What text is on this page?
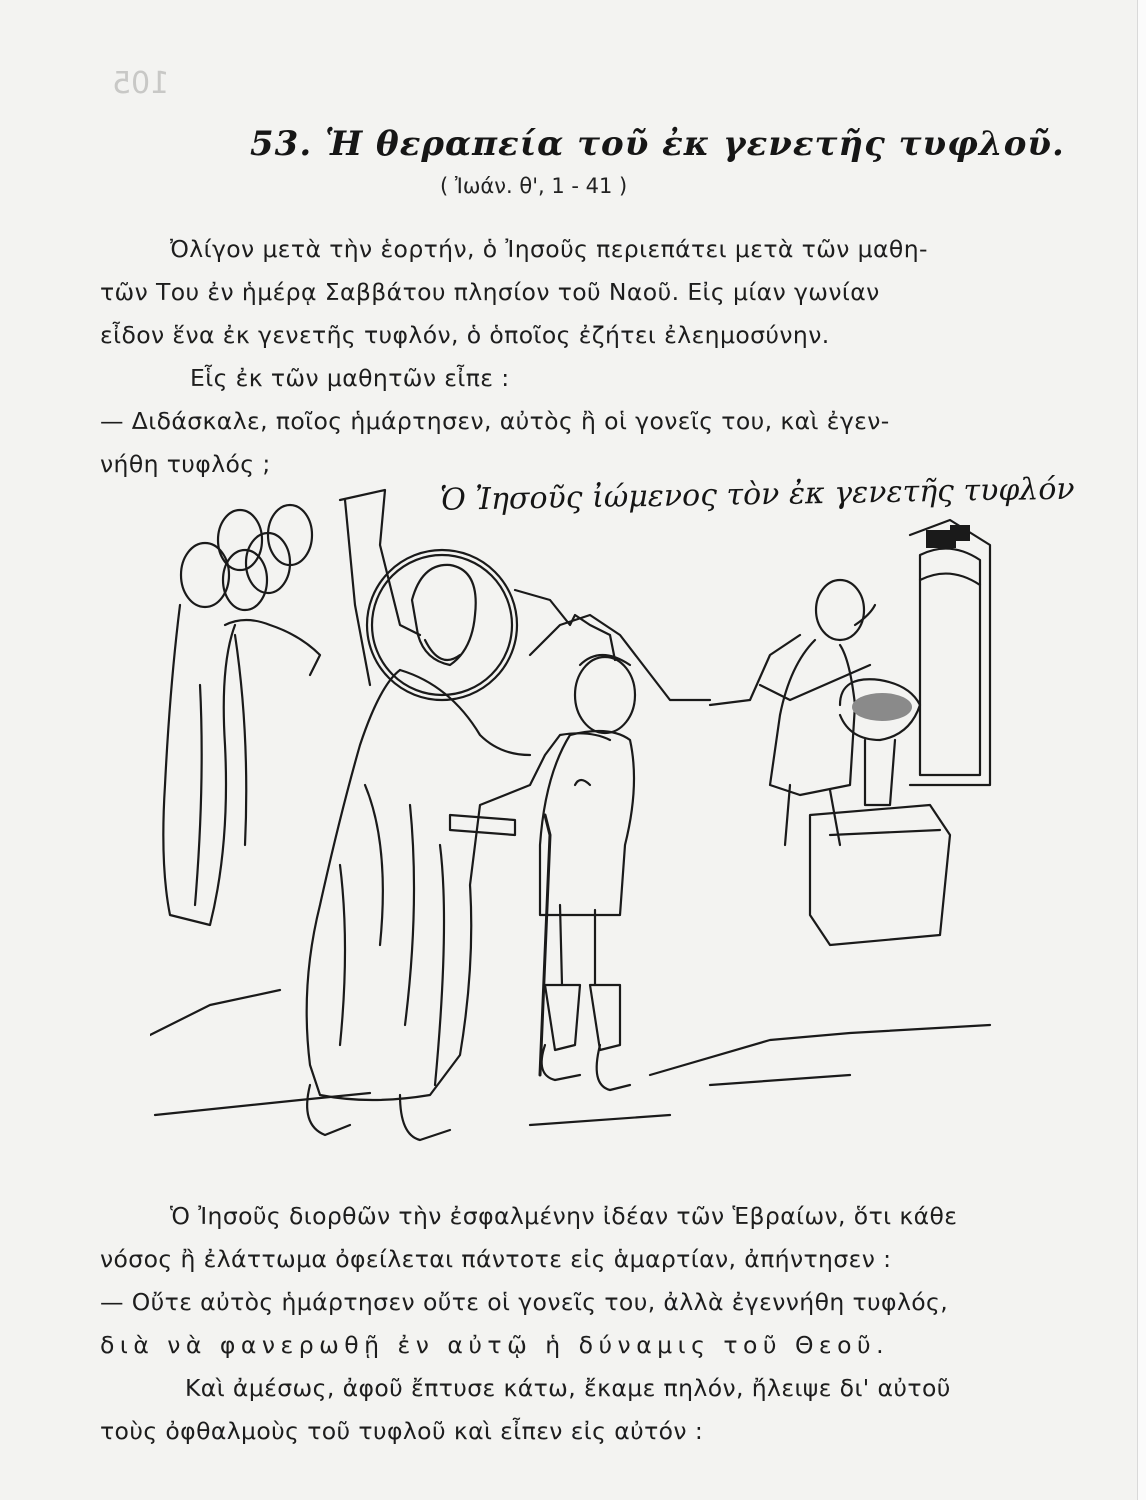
105
53. Ἡ θεραπεία τοῦ ἐκ γενετῆς τυφλοῦ.
( Ἰωάν. θ', 1 - 41 )
Ὀλίγον μετὰ τὴν ἑορτήν, ὁ Ἰησοῦς περιεπάτει μετὰ τῶν μαθη-
τῶν Του ἐν ἡμέρᾳ Σαββάτου πλησίον τοῦ Ναοῦ. Εἰς μίαν γωνίαν
εἶδον ἕνα ἐκ γενετῆς τυφλόν, ὁ ὁποῖος ἐζήτει ἐλεημοσύνην.
Εἷς ἐκ τῶν μαθητῶν εἶπε :
— Διδάσκαλε, ποῖος ἡμάρτησεν, αὐτὸς ἢ οἱ γονεῖς του, καὶ ἐγεν-
νήθη τυφλός ;
Ὁ Ἰησοῦς ἰώμενος τὸν ἐκ γενετῆς τυφλόν
Ὁ Ἰησοῦς διορθῶν τὴν ἐσφαλμένην ἰδέαν τῶν Ἑβραίων, ὅτι κάθε
νόσος ἢ ἐλάττωμα ὀφείλεται πάντοτε εἰς ἁμαρτίαν, ἀπήντησεν :
— Οὔτε αὐτὸς ἡμάρτησεν οὔτε οἱ γονεῖς του, ἀλλὰ ἐγεννήθη τυφλός,
διὰ νὰ φανερωθῇ ἐν αὐτῷ ἡ δύναμις τοῦ Θεοῦ.
Καὶ ἀμέσως, ἀφοῦ ἔπτυσε κάτω, ἔκαμε πηλόν, ἤλειψε δι' αὐτοῦ
τοὺς ὀφθαλμοὺς τοῦ τυφλοῦ καὶ εἶπεν εἰς αὐτόν :
